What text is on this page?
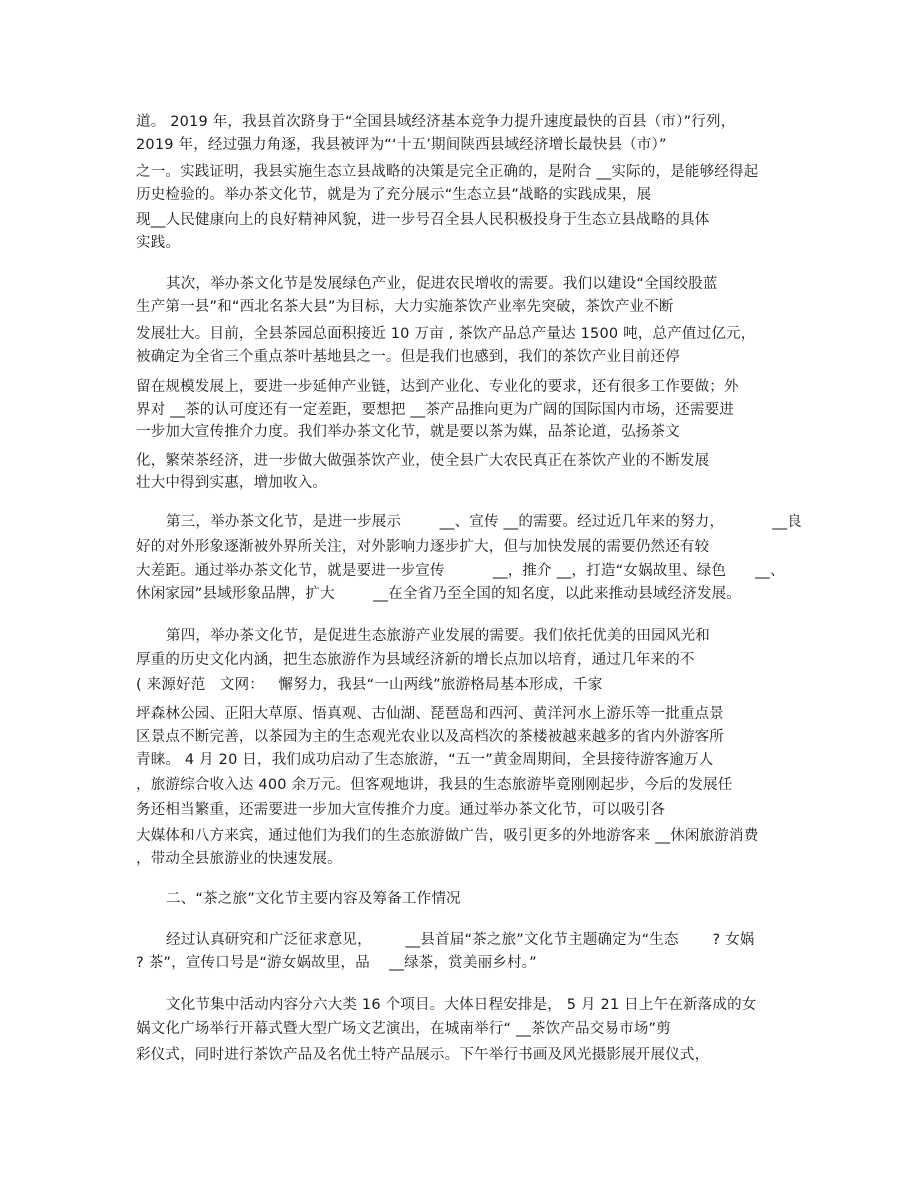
道。 2019 年，我县首次跻身于“全国县域经济基本竞争力提升速度最快的百县（市）”行列，
2019 年，经过强力角逐，我县被评为“‘十五’期间陕西县域经济增长最快县（市）”
之一。实践证明，我县实施生态立县战略的决策是完全正确的，是附合 __实际的，是能够经得起
历史检验的。举办茶文化节，就是为了充分展示“生态立县”战略的实践成果，展
现__人民健康向上的良好精神风貌，进一步号召全县人民积极投身于生态立县战略的具体
实践。
其次，举办茶文化节是发展绿色产业，促进农民增收的需要。我们以建设“全国绞股蓝
生产第一县”和“西北名茶大县”为目标，大力实施茶饮产业率先突破，茶饮产业不断
发展壮大。目前，全县茶园总面积接近 10 万亩 , 茶饮产品总产量达 1500 吨，总产值过亿元，
被确定为全省三个重点茶叶基地县之一。但是我们也感到，我们的茶饮产业目前还停
留在规模发展上，要进一步延伸产业链，达到产业化、专业化的要求，还有很多工作要做；外
界对 __茶的认可度还有一定差距，要想把 __茶产品推向更为广阔的国际国内市场，还需要进
一步加大宣传推介力度。我们举办茶文化节，就是要以茶为媒，品茶论道，弘扬茶文
化，繁荣茶经济，进一步做大做强茶饮产业，使全县广大农民真正在茶饮产业的不断发展
壮大中得到实惠，增加收入。
第三，举办茶文化节，是进一步展示        __、宣传 __的需要。经过近几年来的努力，          __良
好的对外形象逐渐被外界所关注，对外影响力逐步扩大，但与加快发展的需要仍然还有较
大差距。通过举办茶文化节，就是要进一步宣传          __，推介 __，打造“女娲故里、绿色      __、
休闲家园”县域形象品牌，扩大        __在全省乃至全国的知名度，以此来推动县域经济发展。
第四，举办茶文化节，是促进生态旅游产业发展的需要。我们依托优美的田园风光和
厚重的历史文化内涵，把生态旅游作为县域经济新的增长点加以培育，通过几年来的不
( 来源好范   文网：   懈努力，我县“一山两线”旅游格局基本形成，千家
坪森林公园、正阳大草原、悟真观、古仙湖、琵琶岛和西河、黄洋河水上游乐等一批重点景
区景点不断完善，以茶园为主的生态观光农业以及高档次的茶楼被越来越多的省内外游客所
青睐。 4 月 20 日，我们成功启动了生态旅游，“五一”黄金周期间，全县接待游客逾万人
，旅游综合收入达 400 余万元。但客观地讲，我县的生态旅游毕竟刚刚起步，今后的发展任
务还相当繁重，还需要进一步加大宣传推介力度。通过举办茶文化节，可以吸引各
大媒体和八方来宾，通过他们为我们的生态旅游做广告，吸引更多的外地游客来 __休闲旅游消费
，带动全县旅游业的快速发展。
二、“茶之旅”文化节主要内容及筹备工作情况
经过认真研究和广泛征求意见，       __县首届“茶之旅”文化节主题确定为“生态       ? 女娲
? 茶”，宣传口号是“游女娲故里，品    __绿茶，赏美丽乡村。”
文化节集中活动内容分六大类 16 个项目。大体日程安排是， 5 月 21 日上午在新落成的女
娲文化广场举行开幕式暨大型广场文艺演出，在城南举行“ __茶饮产品交易市场”剪
彩仪式，同时进行茶饮产品及名优土特产品展示。下午举行书画及风光摄影展开展仪式，
